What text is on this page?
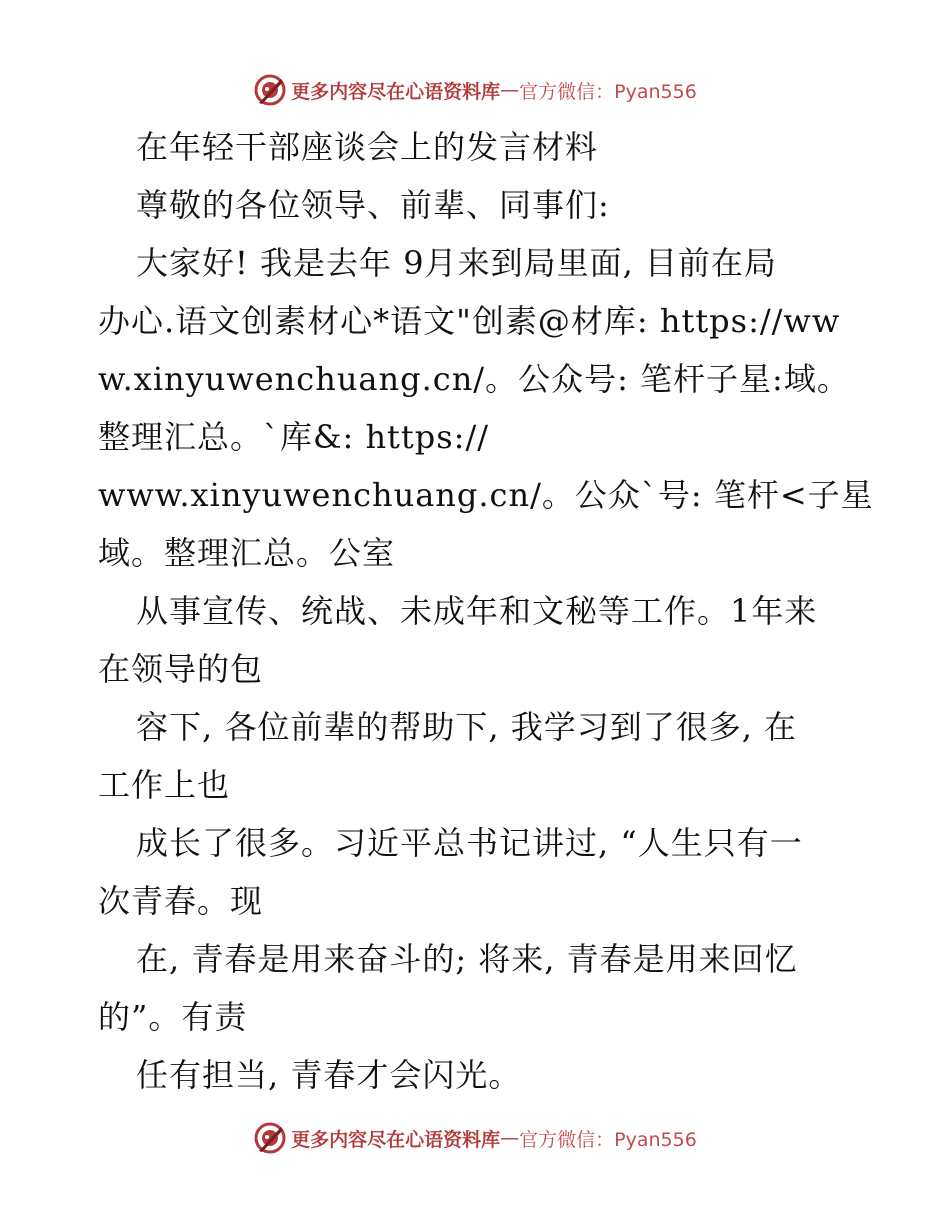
更多内容尽在心语资料库 — 官方微信：Pyan556
在年轻干部座谈会上的发言材料
尊敬的各位领导、前辈、同事们:
大家好! 我是去年 9月来到局里面, 目前在局
办心.语文创素材心*语文"创素@材库: https://ww
w.xinyuwenchuang.cn/。公众号: 笔杆子星:域。
整理汇总。`库&: https://
www.xinyuwenchuang.cn/。公众`号: 笔杆<子星
域。整理汇总。公室
从事宣传、统战、未成年和文秘等工作。1年来
在领导的包
容下, 各位前辈的帮助下, 我学习到了很多, 在
工作上也
成长了很多。习近平总书记讲过, “人生只有一
次青春。现
在, 青春是用来奋斗的; 将来, 青春是用来回忆
的”。有责
任有担当, 青春才会闪光。
更多内容尽在心语资料库 — 官方微信：Pyan556
